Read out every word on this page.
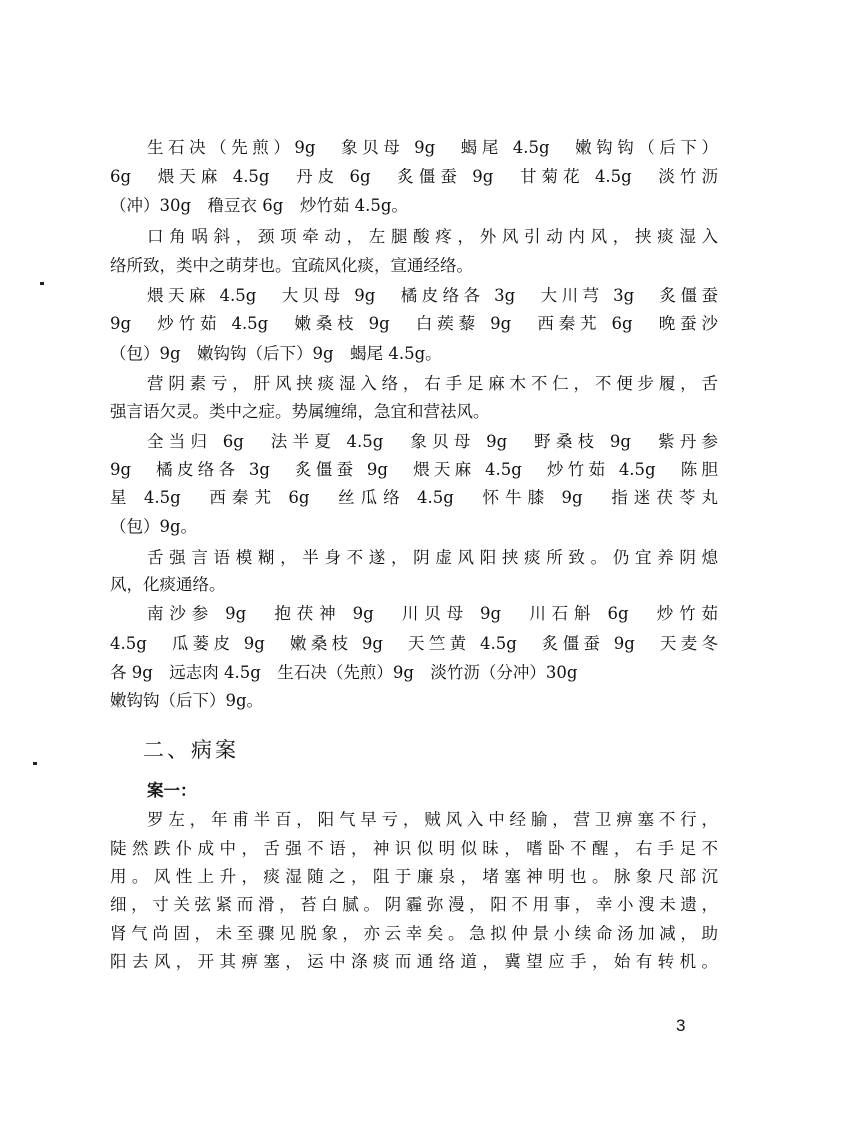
生石决（先煎）9g　象贝母 9g　蝎尾 4.5g　嫩钩钩（后下）
6g　煨天麻 4.5g　丹皮 6g　炙僵蚕 9g　甘菊花 4.5g　淡竹沥
（冲）30g　穞豆衣 6g　炒竹茹 4.5g。
口角㖞斜，颈项牵动，左腿酸疼，外风引动内风，挟痰湿入
络所致，类中之萌芽也。宜疏风化痰，宣通经络。
煨天麻 4.5g　大贝母 9g　橘皮络各 3g　大川芎 3g　炙僵蚕
9g　炒竹茹 4.5g　嫩桑枝 9g　白蒺藜 9g　西秦艽 6g　晚蚕沙
（包）9g　嫩钩钩（后下）9g　蝎尾 4.5g。
营阴素亏，肝风挟痰湿入络，右手足麻木不仁，不便步履，舌
强言语欠灵。类中之症。势属缠绵，急宜和营祛风。
全当归 6g　法半夏 4.5g　象贝母 9g　野桑枝 9g　紫丹参
9g　橘皮络各 3g　炙僵蚕 9g　煨天麻 4.5g　炒竹茹 4.5g　陈胆
星 4.5g　西秦艽 6g　丝瓜络 4.5g　怀牛膝 9g　指迷茯苓丸
（包）9g。
舌强言语模糊，半身不遂，阴虚风阳挟痰所致。仍宜养阴熄
风，化痰通络。
南沙参 9g　抱茯神 9g　川贝母 9g　川石斛 6g　炒竹茹
4.5g　瓜蒌皮 9g　嫩桑枝 9g　天竺黄 4.5g　炙僵蚕 9g　天麦冬
各 9g　远志肉 4.5g　生石决（先煎）9g　淡竹沥（分冲）30g
嫩钩钩（后下）9g。
二、病案
案一：
罗左，年甫半百，阳气早亏，贼风入中经腧，营卫痹塞不行，
陡然跌仆成中，舌强不语，神识似明似昧，嗜卧不醒，右手足不
用。风性上升，痰湿随之，阻于廉泉，堵塞神明也。脉象尺部沉
细，寸关弦紧而滑，苔白腻。阴霾弥漫，阳不用事，幸小溲未遗，
肾气尚固，未至骤见脱象，亦云幸矣。急拟仲景小续命汤加减，助
阳去风，开其痹塞，运中涤痰而通络道，冀望应手，始有转机。
3
